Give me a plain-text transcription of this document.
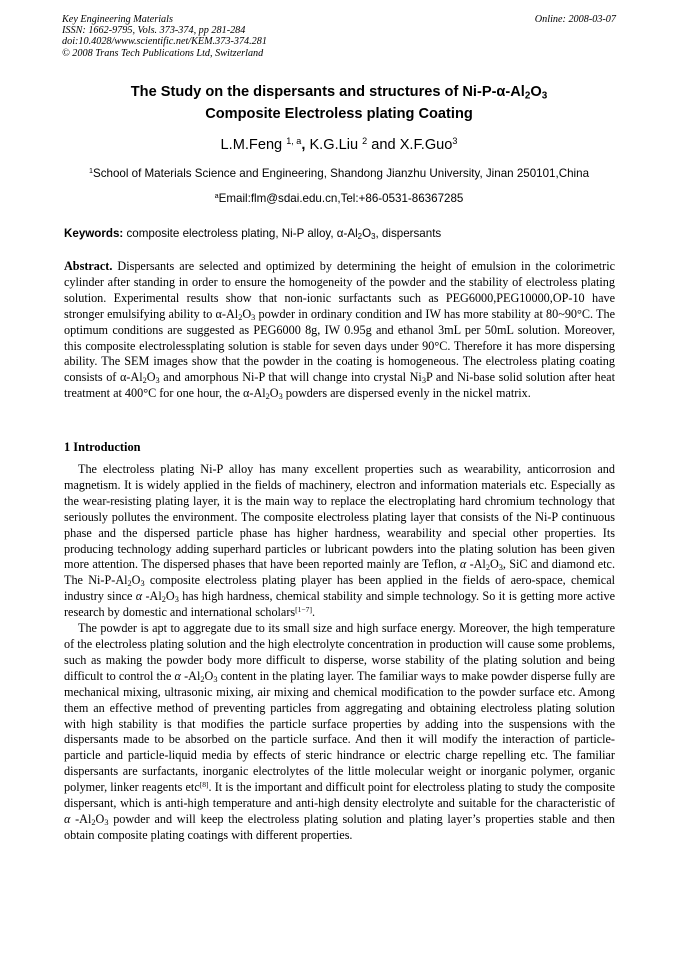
Key Engineering Materials
ISSN: 1662-9795, Vols. 373-374, pp 281-284
doi:10.4028/www.scientific.net/KEM.373-374.281
© 2008 Trans Tech Publications Ltd, Switzerland
Online: 2008-03-07
The Study on the dispersants and structures of $Ni-P-\alpha-Al_2O_3$
Composite Electroless plating Coating
L.M.Feng $^{1, a}$, K.G.Liu $^2$ and X.F.Guo$^3$
$^1$School of Materials Science and Engineering, Shandong Jianzhu University, Jinan 250101,China
$^a$Email:flm@sdai.edu.cn,Tel:+86-0531-86367285
Keywords: composite electroless plating, Ni-P alloy, $\alpha-Al_2O_3$, dispersants
Abstract. Dispersants are selected and optimized by determining the height of emulsion in the colorimetric cylinder after standing in order to ensure the homogeneity of the powder and the stability of electroless plating solution. Experimental results show that non-ionic surfactants such as PEG6000,PEG10000,OP-10 have stronger emulsifying ability to $\alpha-Al_2O_3$ powder in ordinary condition and IW has more stability at 80~90°C. The optimum conditions are suggested as PEG6000 8g, IW 0.95g and ethanol 3mL per 50mL solution. Moreover, this composite electrolessplating solution is stable for seven days under 90°C. Therefore it has more dispersing ability. The SEM images show that the powder in the coating is homogeneous. The electroless plating coating consists of $\alpha-Al_2O_3$ and amorphous Ni-P that will change into crystal $Ni_3P$ and Ni-base solid solution after heat treatment at 400°C for one hour, the $\alpha-Al_2O_3$ powders are dispersed evenly in the nickel matrix.
1 Introduction

The electroless plating Ni-P alloy has many excellent properties such as wearability, anticorrosion and magnetism. It is widely applied in the fields of machinery, electron and information materials etc. Especially as the wear-resisting plating layer, it is the main way to replace the electroplating hard chromium technology that seriously pollutes the environment. The composite electroless plating layer that consists of the Ni-P continuous phase and the dispersed particle phase has higher hardness, wearability and special other properties. Its producing technology adding superhard particles or lubricant powders into the plating solution has been given more attention. The dispersed phases that have been reported mainly are Teflon, α $-Al_2O_3$, SiC and diamond etc. The $Ni-P-Al_2O_3$ composite electroless plating player has been applied in the fields of aero-space, chemical industry since α $-Al_2O_3$ has high hardness, chemical stability and simple technology. So it is getting more active research by domestic and international scholars[1−7].

The powder is apt to aggregate due to its small size and high surface energy. Moreover, the high temperature of the electroless plating solution and the high electrolyte concentration in production will cause some problems, such as making the powder body more difficult to disperse, worse stability of the plating solution and being difficult to control the α $-Al_2O_3$ content in the plating layer. The familiar ways to make powder disperse fully are mechanical mixing, ultrasonic mixing, air mixing and chemical modification to the powder surface etc. Among them an effective method of preventing particles from aggregating and obtaining electroless plating solution with high stability is that modifies the particle surface properties by adding into the suspensions with the dispersants made to be absorbed on the particle surface. And then it will modify the interaction of particle-particle and particle-liquid media by effects of steric hindrance or electric charge repelling etc. The familiar dispersants are surfactants, inorganic electrolytes of the little molecular weight or inorganic polymer, organic polymer, linker reagents etc[8]. It is the important and difficult point for electroless plating to study the composite dispersant, which is anti-high temperature and anti-high density electrolyte and suitable for the characteristic of α $-Al_2O_3$ powder and will keep the electroless plating solution and plating layer’s properties stable and then obtain composite plating coatings with different properties.
